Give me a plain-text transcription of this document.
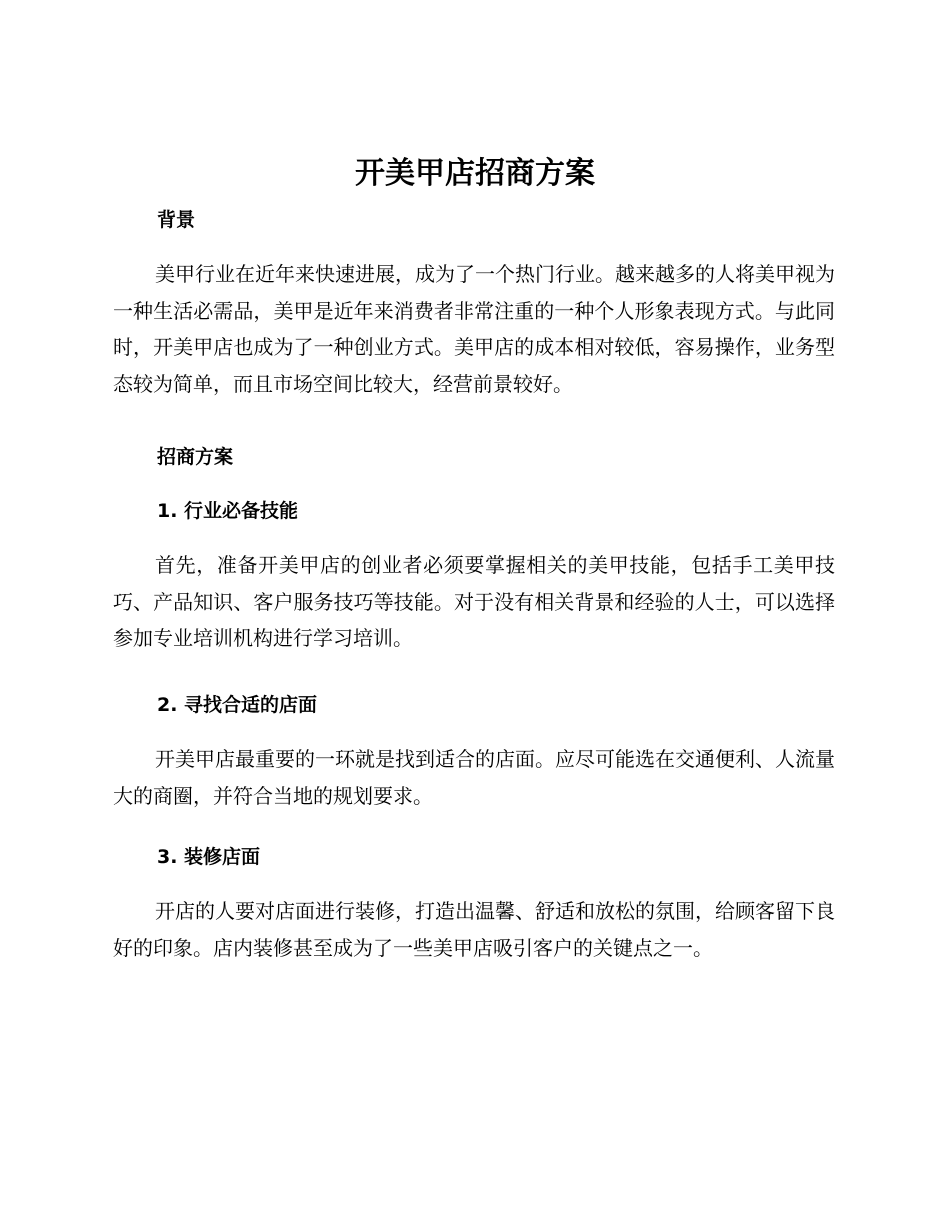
开美甲店招商方案
背景

美甲行业在近年来快速进展，成为了一个热门行业。越来越多的人将美甲视为一种生活必需品，美甲是近年来消费者非常注重的一种个人形象表现方式。与此同时，开美甲店也成为了一种创业方式。美甲店的成本相对较低，容易操作，业务型态较为简单，而且市场空间比较大，经营前景较好。

招商方案
1. 行业必备技能

首先，准备开美甲店的创业者必须要掌握相关的美甲技能，包括手工美甲技巧、产品知识、客户服务技巧等技能。对于没有相关背景和经验的人士，可以选择参加专业培训机构进行学习培训。

2. 寻找合适的店面

开美甲店最重要的一环就是找到适合的店面。应尽可能选在交通便利、人流量大的商圈，并符合当地的规划要求。

3. 装修店面

开店的人要对店面进行装修，打造出温馨、舒适和放松的氛围，给顾客留下良好的印象。店内装修甚至成为了一些美甲店吸引客户的关键点之一。
